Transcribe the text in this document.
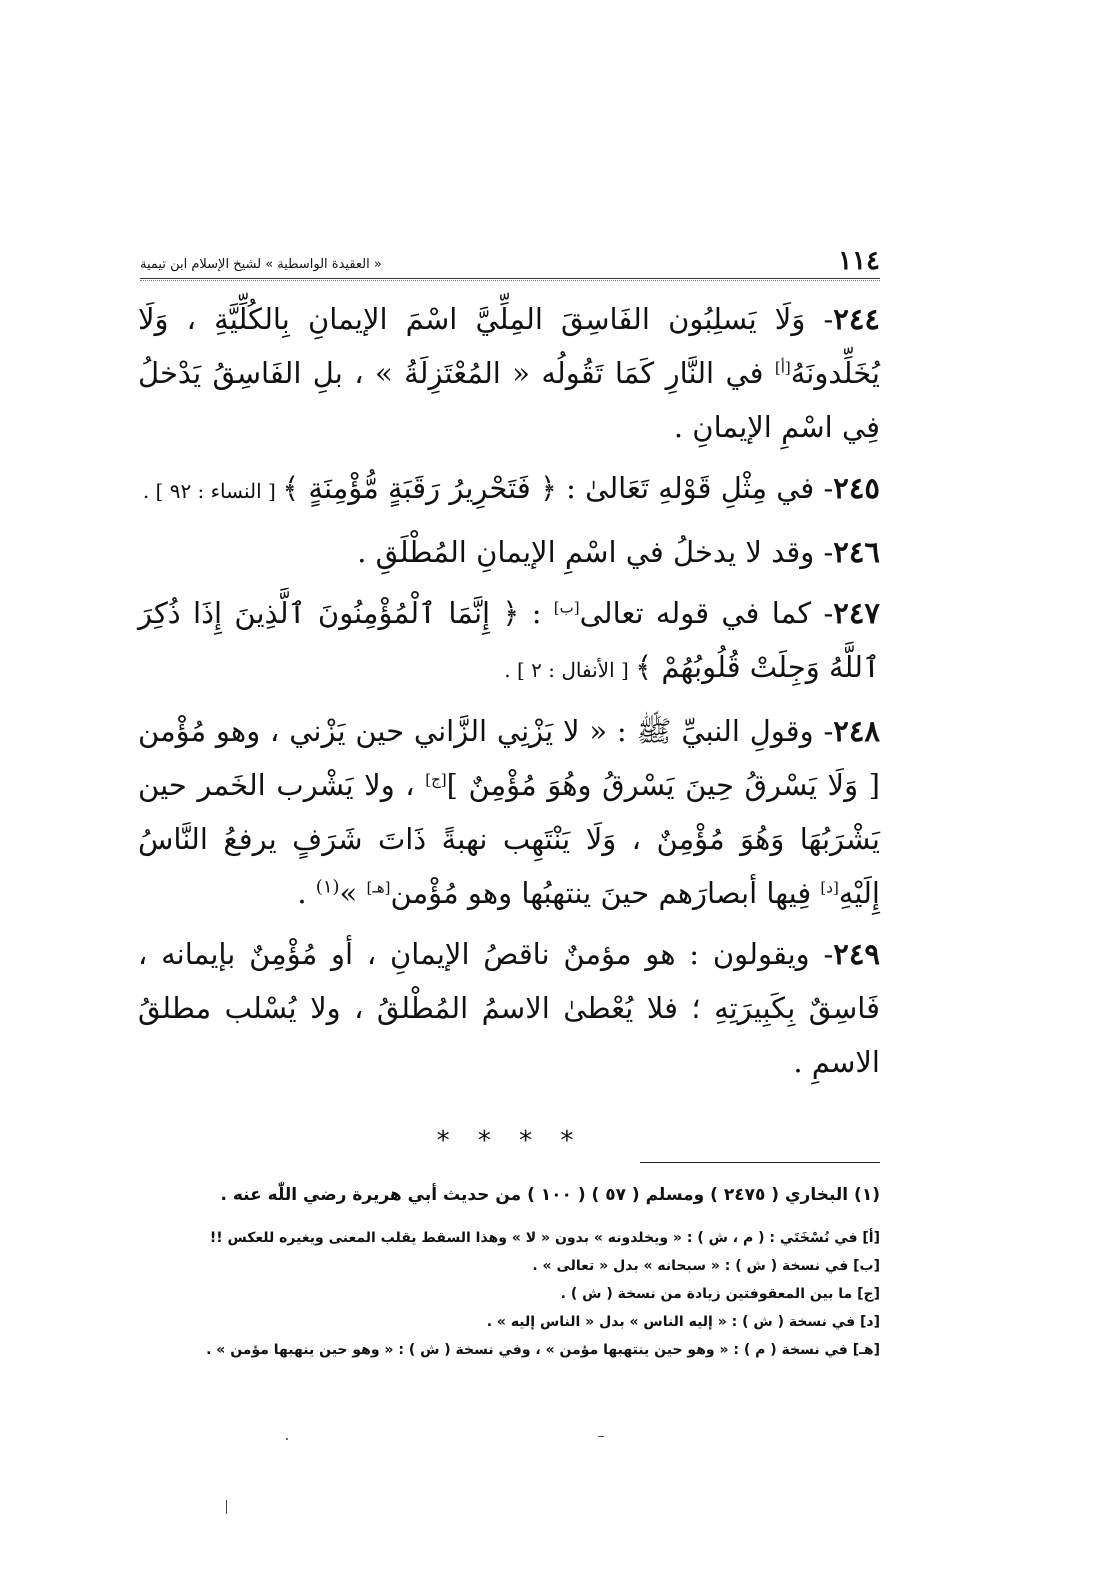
١١٤
« العقيدة الواسطية » لشيخ الإسلام ابن تيمية

٢٤٤- وَلَا يَسلِبُون الفَاسِقَ المِلِّيَّ اسْمَ الإيمانِ بِالكُلِّيَّةِ ، وَلَا يُخَلِّدونَهُ[أ] في النَّارِ كَمَا تَقُولُه « المُعْتَزِلَةُ » ، بلِ الفَاسِقُ يَدْخلُ فِي اسْمِ الإيمانِ .

٢٤٥- في مِثْلِ قَوْلهِ تَعَالىٰ : ﴿ فَتَحْرِيرُ رَقَبَةٍ مُّؤْمِنَةٍ ﴾ [ النساء : ٩٢ ] .

٢٤٦- وقد لا يدخلُ في اسْمِ الإيمانِ المُطْلَقِ .

٢٤٧- كما في قوله تعالى[ب] : ﴿ إِنَّمَا ٱلْمُؤْمِنُونَ ٱلَّذِينَ إِذَا ذُكِرَ ٱللَّهُ وَجِلَتْ قُلُوبُهُمْ ﴾ [ الأنفال : ٢ ] .

٢٤٨- وقولِ النبيِّ ﷺ : « لا يَزْنِي الزَّاني حين يَزْني ، وهو مُؤْمن [ وَلَا يَسْرقُ حِينَ يَسْرقُ وهُوَ مُؤْمِنٌ ][ج] ، ولا يَشْرب الخَمر حين يَشْرَبُهَا وَهُوَ مُؤْمِنٌ ، وَلَا يَنْتَهِب نهبةً ذَاتَ شَرَفٍ يرفعُ النَّاسُ إِلَيْهِ[د] فِيها أبصارَهم حينَ ينتهبُها وهو مُؤْمن[هـ] »$^{(١)}$ .

٢٤٩- ويقولون : هو مؤمنٌ ناقصُ الإيمانِ ، أو مُؤْمِنٌ بإيمانه ، فَاسِقٌ بِكَبِيرَتِهِ ؛ فلا يُعْطىٰ الاسمُ المُطْلقُ ، ولا يُسْلب مطلقُ الاسمِ .

* * * *

(١) البخاري ( ٢٤٧٥ ) ومسلم ( ٥٧ ) ( ١٠٠ ) من حديث أبي هريرة رضي اللّٰه عنه .

[أ] في نُسْخَتَي : ( م ، ش ) : « ويخلدونه » بدون « لا » وهذا السقط يقلب المعنى ويغيره للعكس !!

[ب] في نسخة ( ش ) : « سبحانه » بدل « تعالى » .

[ج] ما بين المعقوفتين زيادة من نسخة ( ش ) .

[د] في نسخة ( ش ) : « إليه الناس » بدل « الناس إليه » .

[هـ] في نسخة ( م ) : « وهو حين ينتهبها مؤمن » ، وفي نسخة ( ش ) : « وهو حين ينهبها مؤمن » .
